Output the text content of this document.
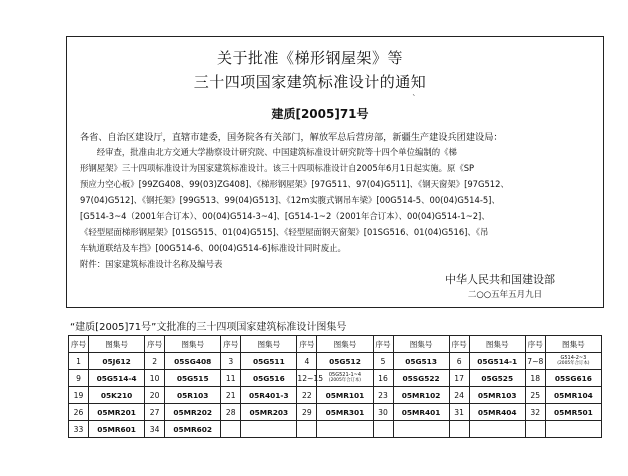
关于批准《梯形钢屋架》等
三十四项国家建筑标准设计的通知
`
建质[2005]71号
各省、自治区建设厅，直辖市建委，国务院各有关部门，解放军总后营房部，新疆生产建设兵团建设局：
　　经审查，批准由北方交通大学勘察设计研究院、中国建筑标准设计研究院等十四个单位编制的《梯
形钢屋架》三十四项标准设计为国家建筑标准设计。该三十四项标准设计自2005年6月1日起实施。原《SP
预应力空心板》[99ZG408、99(03)ZG408]、《梯形钢屋架》[97G511、97(04)G511]、《钢天窗架》[97G512、
97(04)G512]、《钢托架》[99G513、99(04)G513]、《12m实腹式钢吊车梁》[00G514-5、00(04)G514-5]、
[G514-3~4（2001年合订本）、00(04)G514-3~4]、[G514-1~2（2001年合订本）、00(04)G514-1~2]、
《轻型屋面梯形钢屋架》[01SG515、01(04)G515]、《轻型屋面钢天窗架》[01SG516、01(04)G516]、《吊
车轨道联结及车挡》[00G514-6、00(04)G514-6]标准设计同时废止。
附件：国家建筑标准设计名称及编号表
中华人民共和国建设部
二○○五年五月九日
“建质[2005]71号”文批准的三十四项国家建筑标准设计图集号
序号	图集号	序号	图集号	序号	图集号	序号	图集号	序号	图集号	序号	图集号	序号	图集号
1	05J612	2	05SG408	3	05G511	4	05G512	5	05G513	6	05G514-1	7~8	G514-2~3
(2005年合订本)

9	05G514-4	10	05G515	11	05G516	12~15	05G521-1~4
(2005年合订本)	16	05SG522	17	05G525	18	05SG616
19	05K210	20	05R103	21	05R401-3	22	05MR101	23	05MR102	24	05MR103	25	05MR104
26	05MR201	27	05MR202	28	05MR203	29	05MR301	30	05MR401	31	05MR404	32	05MR501
33	05MR601	34	05MR602										
